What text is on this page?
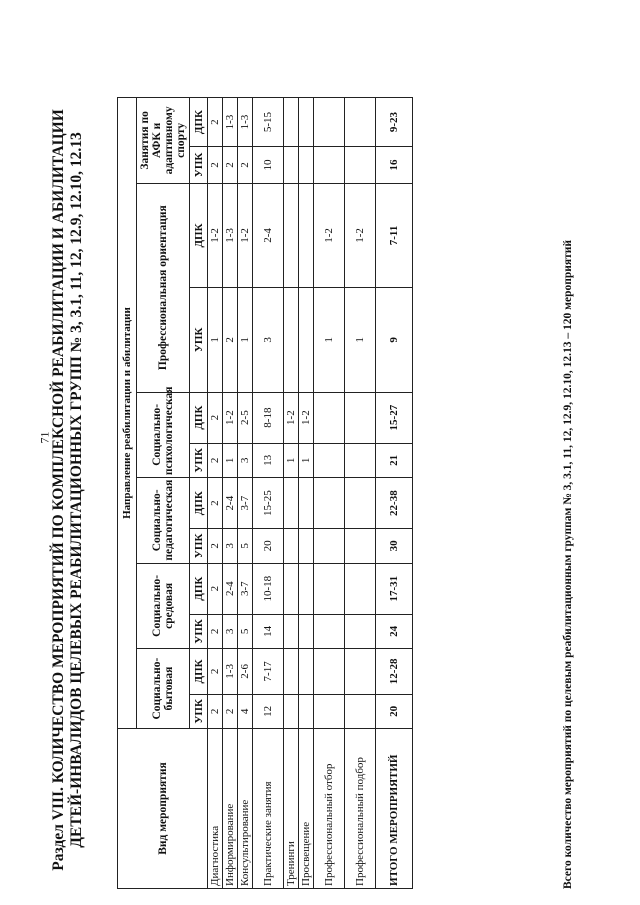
71
Раздел VIII. КОЛИЧЕСТВО МЕРОПРИЯТИЙ ПО КОМПЛЕКСНОЙ РЕАБИЛИТАЦИИ И АБИЛИТАЦИИ ДЕТЕЙ-ИНВАЛИДОВ ЦЕЛЕВЫХ РЕАБИЛИТАЦИОННЫХ ГРУПП № 3, 3.1, 11, 12, 12.9, 12.10, 12.13	Вид мероприятия	Направление реабилитации и абилитации											
	Социально-бытовая		Социально-средовая		Социально-педагогическая		Социально-психологическая		Профессиональная ориентация		Занятия по АФК и адаптивному спорту	
	УПК	ДПК	УПК	ДПК	УПК	ДПК	УПК	ДПК	УПК	ДПК	УПК	ДПК
Диагностика	2	2	2	2	2	2	2	2	1	1-2	2	2
Информирование	2	1-3	3	2-4	3	2-4	1	1-2	2	1-3	2	1-3
Консультирование	4	2-6	5	3-7	5	3-7	3	2-5	1	1-2	2	1-3
Практические занятия	12	7-17	14	10-18	20	15-25	13	8-18	3	2-4	10	5-15
Тренинги							1	1-2				
Просвещение							1	1-2				
Профессиональный отбор									1	1-2		
Профессиональный подбор									1	1-2		
ИТОГО МЕРОПРИЯТИЙ	20	12-28	24	17-31	30	22-38	21	15-27	9	7-11	16	9-23
Всего количество мероприятий по целевым реабилитационным группам № 3, 3.1, 11, 12, 12.9, 12.10, 12.13 – 120 мероприятий
